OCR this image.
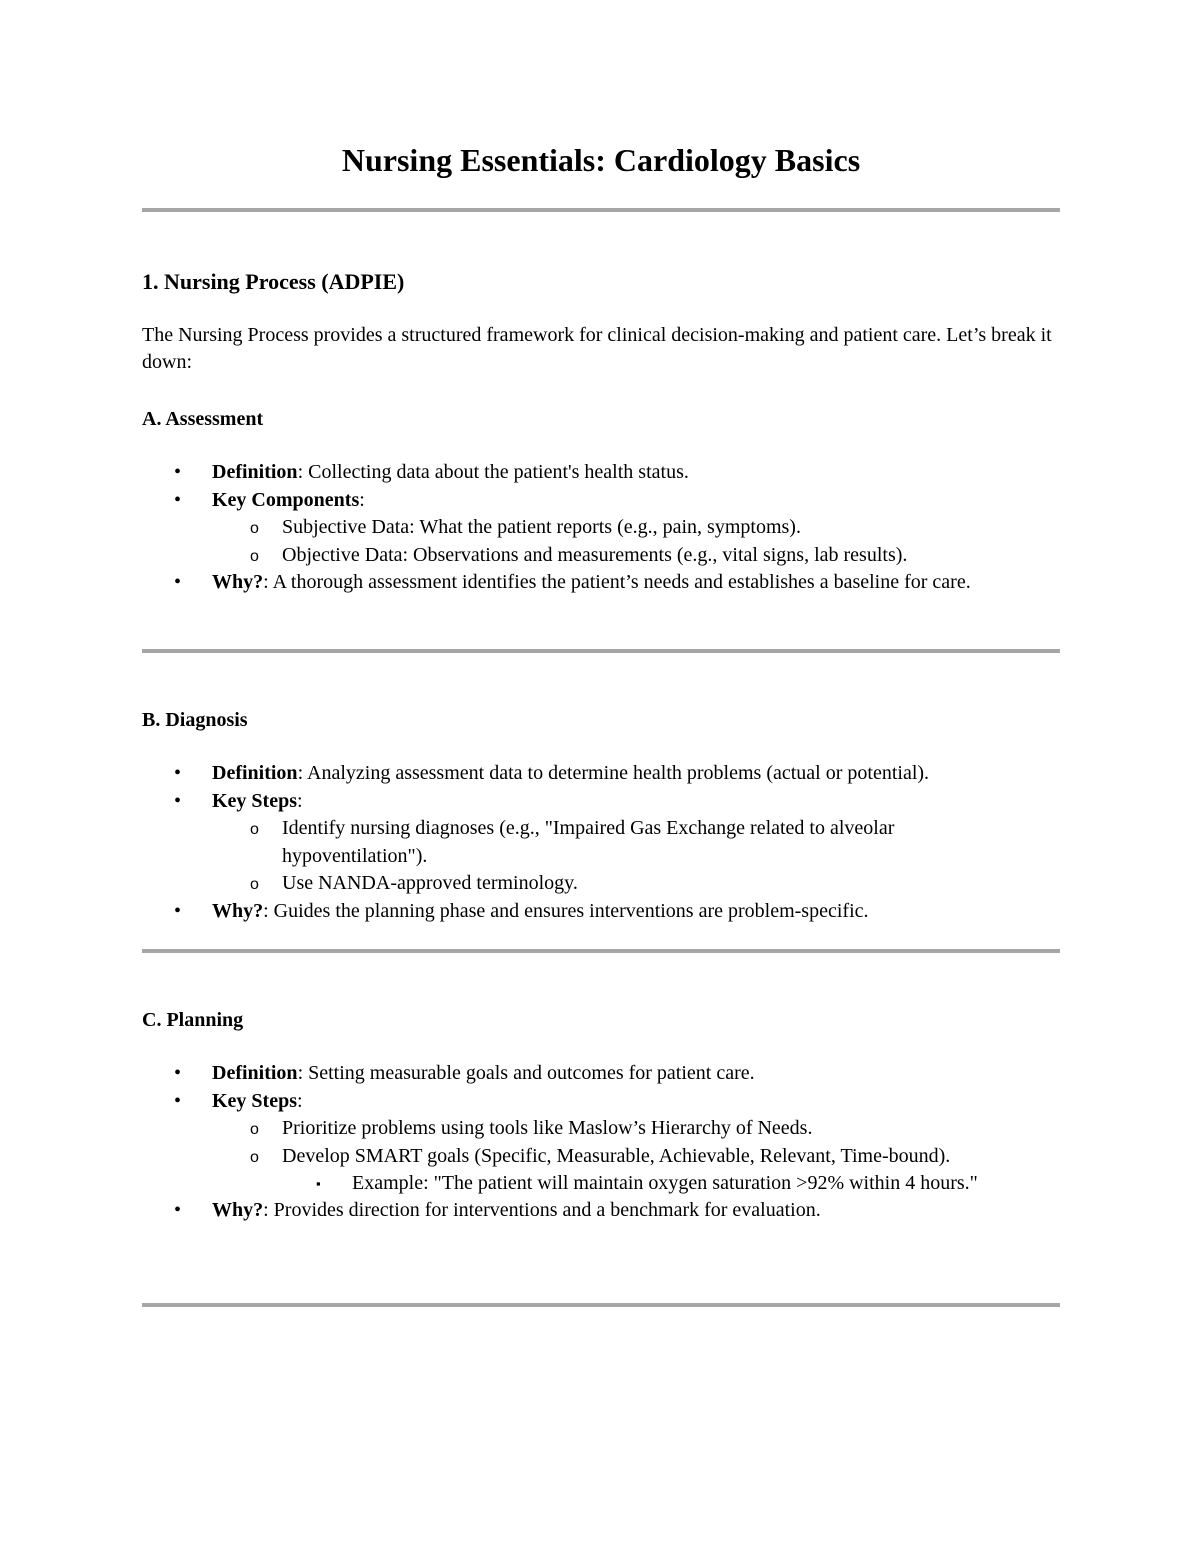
Nursing Essentials: Cardiology Basics
1. Nursing Process (ADPIE)

The Nursing Process provides a structured framework for clinical decision-making and patient care. Let’s break it down:

A. Assessment
• Definition: Collecting data about the patient's health status.
• Key Components:
o Subjective Data: What the patient reports (e.g., pain, symptoms).
o Objective Data: Observations and measurements (e.g., vital signs, lab results).
• Why?: A thorough assessment identifies the patient’s needs and establishes a baseline for care.
B. Diagnosis
• Definition: Analyzing assessment data to determine health problems (actual or potential).
• Key Steps:
o Identify nursing diagnoses (e.g., "Impaired Gas Exchange related to alveolar hypoventilation").
o Use NANDA-approved terminology.
• Why?: Guides the planning phase and ensures interventions are problem-specific.
C. Planning
• Definition: Setting measurable goals and outcomes for patient care.
• Key Steps:
o Prioritize problems using tools like Maslow’s Hierarchy of Needs.
o Develop SMART goals (Specific, Measurable, Achievable, Relevant, Time-bound).
▪ Example: "The patient will maintain oxygen saturation >92% within 4 hours."
• Why?: Provides direction for interventions and a benchmark for evaluation.
